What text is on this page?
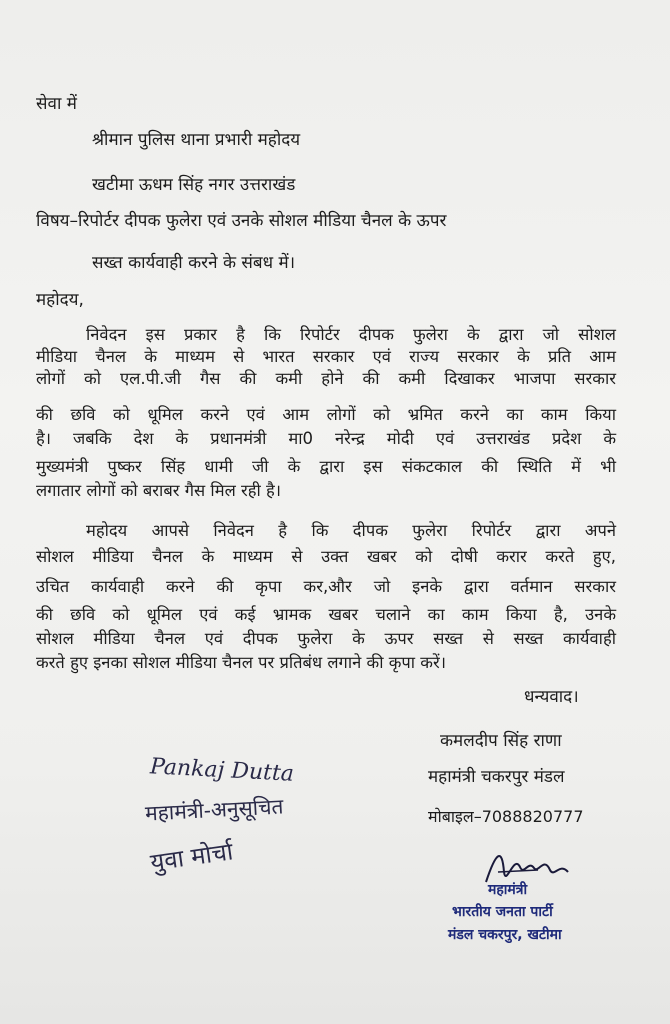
सेवा में
श्रीमान पुलिस थाना प्रभारी महोदय
खटीमा ऊधम सिंह नगर उत्तराखंड
विषय–रिपोर्टर दीपक फुलेरा एवं उनके सोशल मीडिया चैनल के ऊपर
सख्त कार्यवाही करने के संबध में।
महोदय,
निवेदन इस प्रकार है कि रिपोर्टर दीपक फुलेरा के द्वारा जो सोशल
मीडिया चैनल के माध्यम से भारत सरकार एवं राज्य सरकार के प्रति आम
लोगों को एल.पी.जी गैस की कमी होने की कमी दिखाकर भाजपा सरकार
की छवि को धूमिल करने एवं आम लोगों को भ्रमित करने का काम किया
है। जबकि देश के प्रधानमंत्री मा0 नरेन्द्र मोदी एवं उत्तराखंड प्रदेश के
मुख्यमंत्री पुष्कर सिंह धामी जी के द्वारा इस संकटकाल की स्थिति में भी
लगातार लोगों को बराबर गैस मिल रही है।
महोदय आपसे निवेदन है कि दीपक फुलेरा रिपोर्टर द्वारा अपने
सोशल मीडिया चैनल के माध्यम से उक्त खबर को दोषी करार करते हुए,
उचित कार्यवाही करने की कृपा कर,और जो इनके द्वारा वर्तमान सरकार
की छवि को धूमिल एवं कई भ्रामक खबर चलाने का काम किया है, उनके
सोशल मीडिया चैनल एवं दीपक फुलेरा के ऊपर सख्त से सख्त कार्यवाही
करते हुए इनका सोशल मीडिया चैनल पर प्रतिबंध लगाने की कृपा करें।
धन्यवाद।
कमलदीप सिंह राणा
महामंत्री चकरपुर मंडल
मोबाइल–7088820777
Pankaj Dutta
महामंत्री-अनुसूचित
युवा मोर्चा
महामंत्री
भारतीय जनता पार्टी
मंडल चकरपुर, खटीमा
